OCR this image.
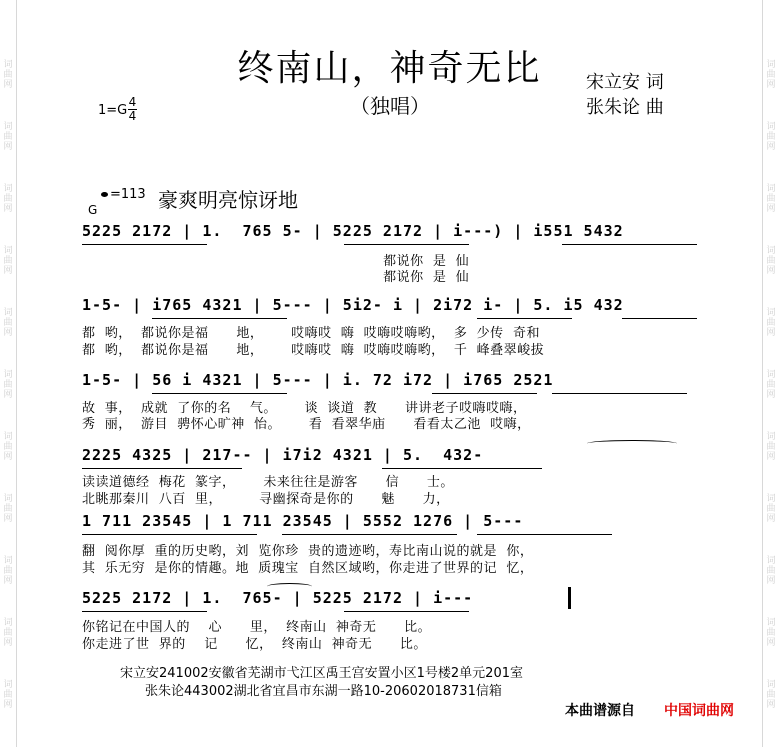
词
曲
网
词
曲
网
词
曲
网
词
曲
网
词
曲
网
词
曲
网
词
曲
网
词
曲
网
词
曲
网
词
曲
网
词
曲
网
词
曲
网
词
曲
网
词
曲
网
词
曲
网
词
曲
网
词
曲
网
词
曲
网
词
曲
网
词
曲
网
词
曲
网
词
曲
网
终南山，神奇无比
（独唱）
宋立安 词
张朱论 曲
1=G
4
4
G
=113 豪爽明亮惊讶地
5225 2172 | 1.  765 5- | 5225 2172 | i---) | i551 5432
都说你  是  仙
都说你  是  仙
1-5- | i765 4321 | 5--- | 5i2- i | 2i72 i- | 5. i5 432
都  哟，  都说你是福      地，      哎嗨哎  嗨  哎嗨哎嗨哟，  多  少传  奇和
都  哟，  都说你是福      地，      哎嗨哎  嗨  哎嗨哎嗨哟，  千  峰叠翠峻拔
1-5- | 56 i 4321 | 5--- | i. 72 i72 | i765 2521
故  事，  成就  了你的名    气。      谈  谈道  教      讲讲老子哎嗨哎嗨，
秀  丽，  游目  骋怀心旷神  怡。      看  看翠华庙      看看太乙池  哎嗨，
2225 4325 | 217-- | i7i2 4321 | 5.  432-
读读道德经  梅花  篆字，      未来往往是游客      信      士。
北眺那秦川  八百  里，        寻幽探奇是你的      魅      力，
1 711 23545 | 1 711 23545 | 5552 1276 | 5---
翻  阅你厚  重的历史哟，刘  览你珍  贵的遗迹哟，寿比南山说的就是  你，
其  乐无穷  是你的情趣。地  质瑰宝  自然区域哟，你走进了世界的记  忆，
5225 2172 | 1.  765- | 5225 2172 | i---
你铭记在中国人的    心      里，  终南山  神奇无      比。
你走进了世  界的    记      忆，  终南山  神奇无      比。
宋立安241002安徽省芜湖市弋江区禹王宫安置小区1号楼2单元201室
张朱论443002湖北省宜昌市东湖一路10-20602018731信箱
本曲谱源自 中国词曲网
